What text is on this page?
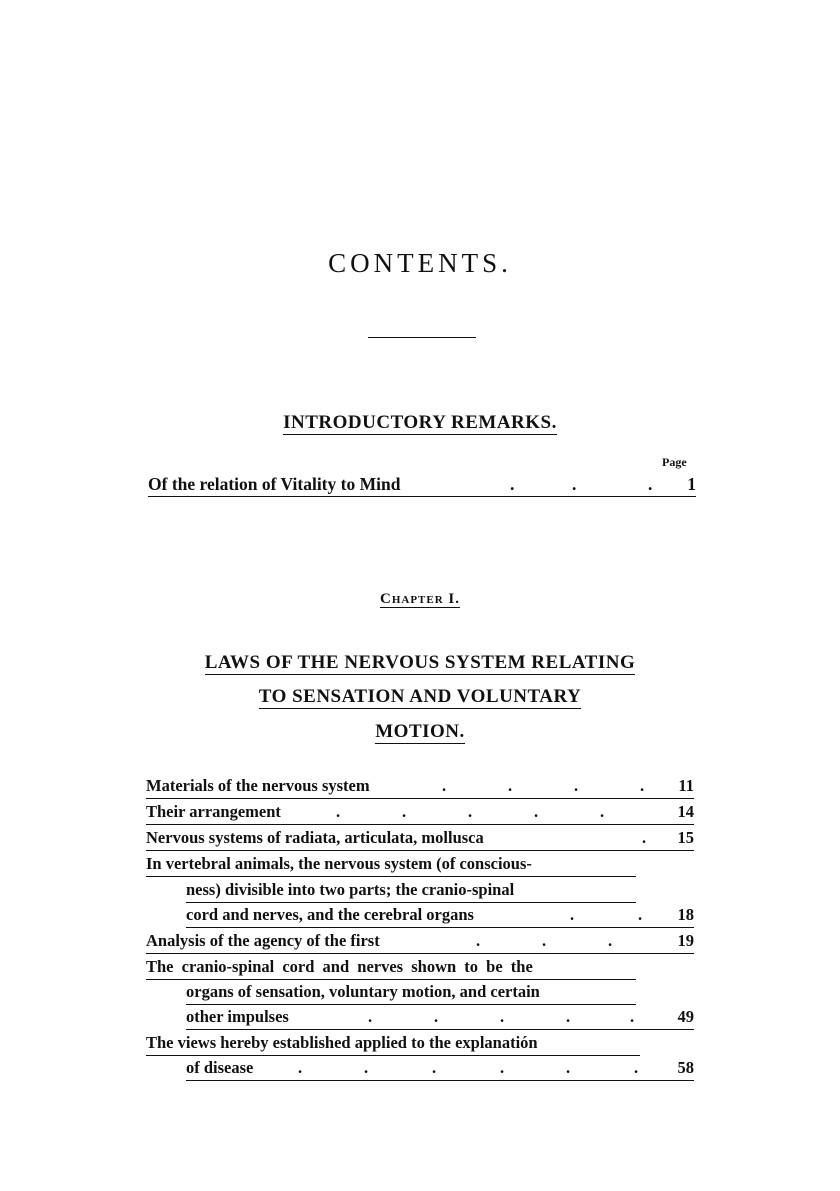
CONTENTS.
INTRODUCTORY REMARKS.
Page
Of the relation of Vitality to Mind	.	.	. 1
Chapter I.
LAWS OF THE NERVOUS SYSTEM RELATING
TO SENSATION AND VOLUNTARY
MOTION.
Materials of the nervous system	.	.	.	. 11
Their arrangement	.	.	.	.	.	14
Nervous systems of radiata, articulata, mollusca	. 15
In vertebral animals, the nervous system (of conscious-
ness) divisible into two parts; the cranio-spinal
cord and nerves, and the cerebral organs	.	. 18
Analysis of the agency of the first	.	.	.	19
The cranio-spinal cord and nerves shown to be the
organs of sensation, voluntary motion, and certain
other impulses	.	.	.	.	.	49
The views hereby established applied to the explanatión
of disease	.	.	.	.	.	. 58
